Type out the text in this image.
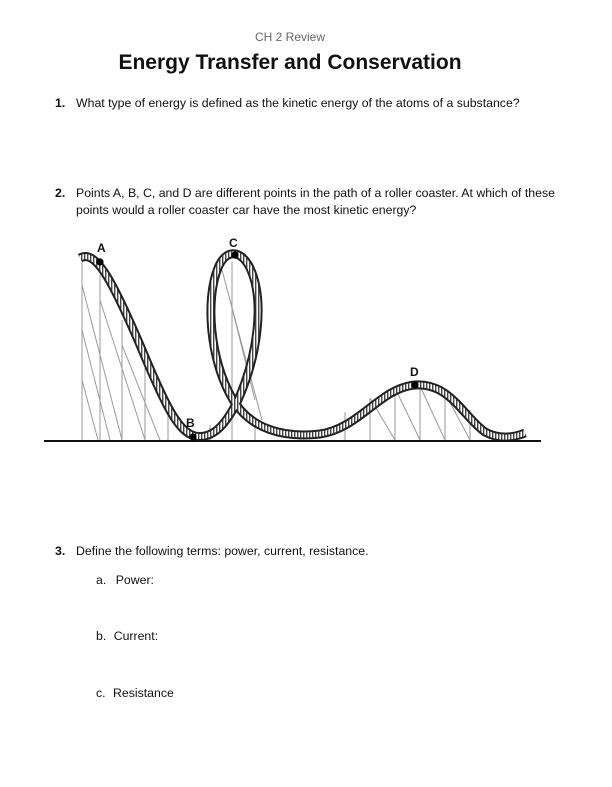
CH 2 Review
Energy Transfer and Conservation
1. What type of energy is defined as the kinetic energy of the atoms of a substance?
2. Points A, B, C, and D are different points in the path of a roller coaster. At which of these points would a roller coaster car have the most kinetic energy?
A
B
C
D
3. Define the following terms: power, current, resistance.
a. Power:
b. Current:
c. Resistance
